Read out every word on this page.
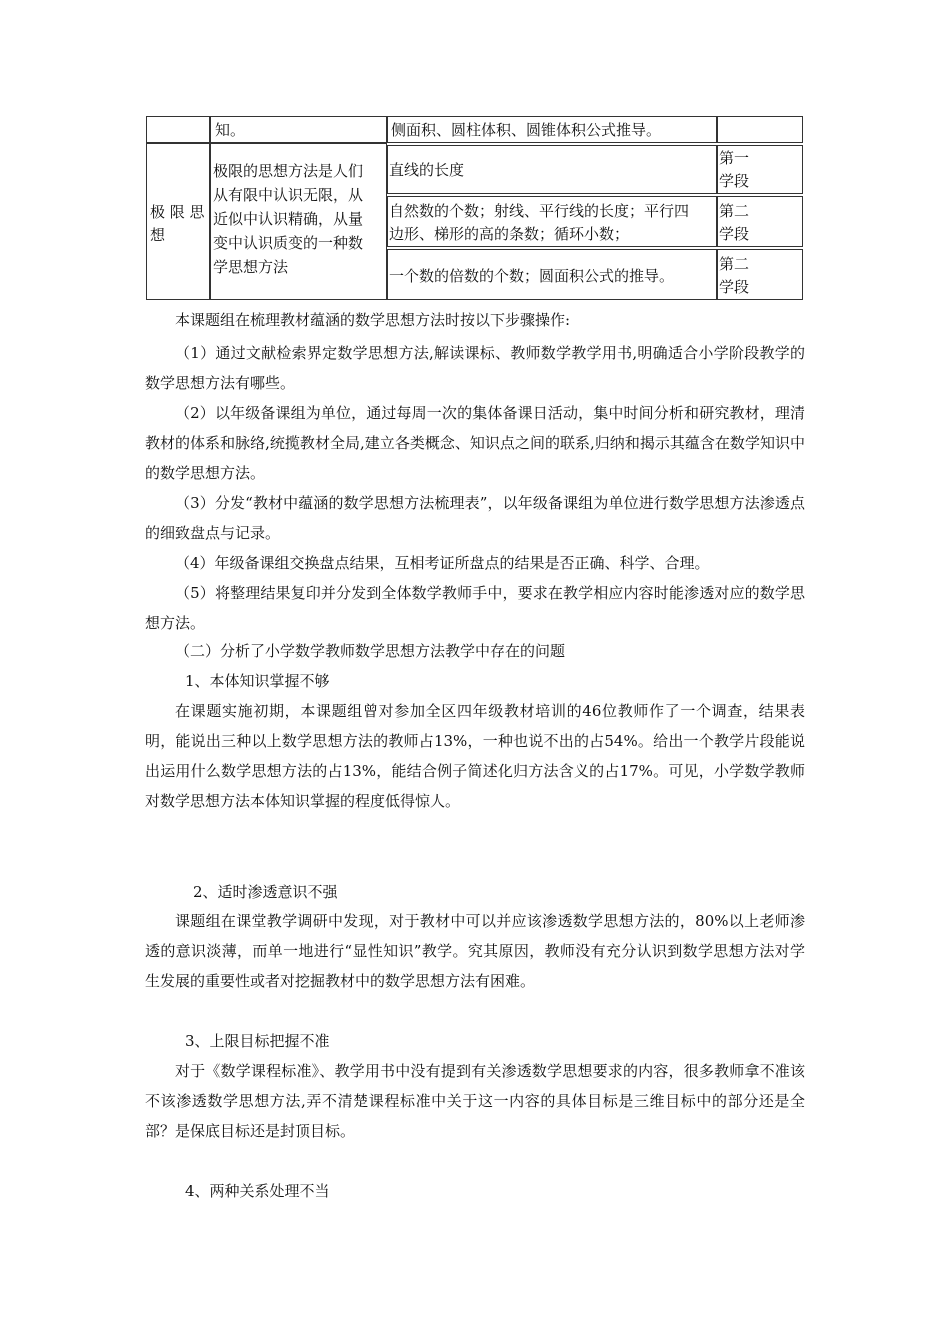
知。	侧面积、圆柱体积、圆锥体积公式推导。
极 限 思
想
极限的思想方法是人们
从有限中认识无限，从
近似中认识精确，从量
变中认识质变的一种数
学思想方法
直线的长度
第一
学段
自然数的个数；射线、平行线的长度；平行四
边形、梯形的高的条数；循环小数；
第二
学段
一个数的倍数的个数；圆面积公式的推导。
第二
学段

本课题组在梳理教材蕴涵的数学思想方法时按以下步骤操作:

（1）通过文献检索界定数学思想方法,解读课标、教师数学教学用书,明确适合小学阶段教学的数学思想方法有哪些。

（2）以年级备课组为单位，通过每周一次的集体备课日活动，集中时间分析和研究教材，理清教材的体系和脉络,统揽教材全局,建立各类概念、知识点之间的联系,归纳和揭示其蕴含在数学知识中的数学思想方法。

（3）分发“教材中蕴涵的数学思想方法梳理表”，以年级备课组为单位进行数学思想方法渗透点的细致盘点与记录。

（4）年级备课组交换盘点结果，互相考证所盘点的结果是否正确、科学、合理。

（5）将整理结果复印并分发到全体数学教师手中，要求在教学相应内容时能渗透对应的数学思想方法。

（二）分析了小学数学教师数学思想方法教学中存在的问题

1、本体知识掌握不够

在课题实施初期，本课题组曾对参加全区四年级教材培训的46位教师作了一个调查，结果表明，能说出三种以上数学思想方法的教师占13%，一种也说不出的占54%。给出一个教学片段能说出运用什么数学思想方法的占13%，能结合例子简述化归方法含义的占17%。可见，小学数学教师对数学思想方法本体知识掌握的程度低得惊人。

2、适时渗透意识不强

课题组在课堂教学调研中发现，对于教材中可以并应该渗透数学思想方法的，80%以上老师渗透的意识淡薄，而单一地进行“显性知识”教学。究其原因，教师没有充分认识到数学思想方法对学生发展的重要性或者对挖掘教材中的数学思想方法有困难。

3、上限目标把握不准

对于《数学课程标准》、教学用书中没有提到有关渗透数学思想要求的内容，很多教师拿不准该不该渗透数学思想方法,弄不清楚课程标准中关于这一内容的具体目标是三维目标中的部分还是全部？是保底目标还是封顶目标。

4、两种关系处理不当
